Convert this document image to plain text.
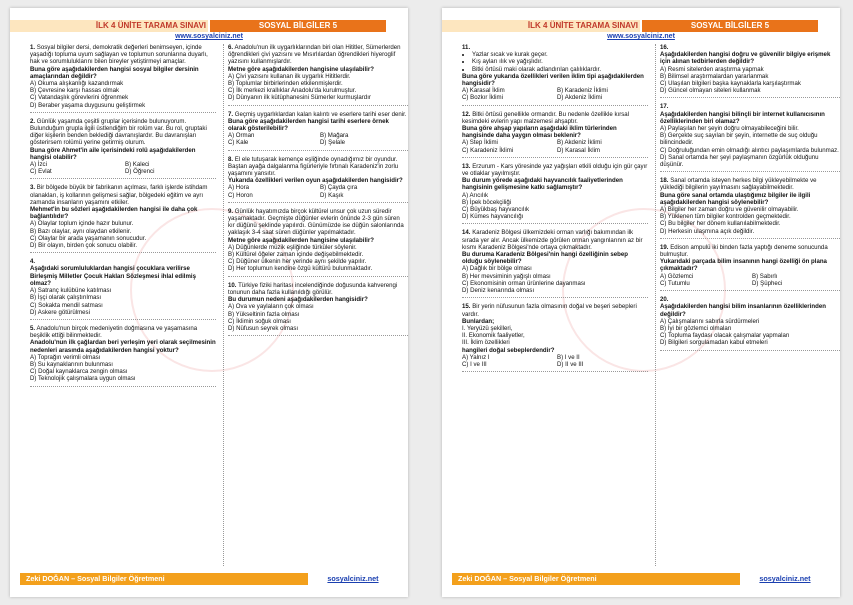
İLK 4 ÜNİTE TARAMA SINAVI	SOSYAL BİLGİLER 5
www.sosyalciniz.net

1. Sosyal bilgiler dersi, demokratik değerleri benimseyen, içinde yaşadığı topluma uyum sağlayan ve toplumun sorunlarına duyarlı, hak ve sorumluluklarını bilen bireyler yetiştirmeyi amaçlar.

Buna göre aşağıdakilerden hangisi sosyal bilgiler dersinin amaçlarından değildir?

A) Okuma alışkanlığı kazandırmak

B) Çevresine karşı hassas olmak

C) Vatandaşlık görevlerini öğrenmek

D) Beraber yaşama duygusunu geliştirmek

2. Günlük yaşamda çeşitli gruplar içerisinde bulunuyorum. Bulunduğum grupla ilgili üstlendiğim bir rolüm var. Bu rol, gruptaki diğer kişilerin benden beklediği davranışlardır. Bu davranışları gösterirsem rolümü yerine getirmiş olurum.

Buna göre Ahmet'in aile içerisindeki rolü aşağıdakilerden hangisi olabilir?

A) İzci	B) Kaleci
C) Evlat	D) Öğrenci

3. Bir bölgede büyük bir fabrikanın açılması, farklı işlerde istihdam olanakları, iş kollarının gelişmesi sağlar, bölgedeki eğitim ve ayrı zamanda insanların yaşamını etkiler.

Mehmet'in bu sözleri aşağıdakilerden hangisi ile daha çok bağlantılıdır?

A) Olaylar toplum içinde hazır bulunur.

B) Bazı olaylar, aynı olaydan etkilenir.

C) Olaylar bir arada yaşamanın sonucudur.

D) Bir olayın, birden çok sonucu olabilir.

4.

Aşağıdaki sorumluluklardan hangisi çocuklara verilirse Birleşmiş Milletler Çocuk Hakları Sözleşmesi ihlal edilmiş olmaz?

A) Satranç kulübüne katılması

B) İşçi olarak çalıştırılması

C) Sokakta mendil satması

D) Askere götürülmesi

5. Anadolu'nun birçok medeniyetin doğmasına ve yaşamasına beşiklik ettiği bilinmektedir.

Anadolu'nun ilk çağlardan beri yerleşim yeri olarak seçilmesinin nedenleri arasında aşağıdakilerden hangisi yoktur?

A) Toprağın verimli olması

B) Su kaynaklarının bulunması

C) Doğal kaynaklarca zengin olması

D) Teknolojik çalışmalara uygun olması

6. Anadolu'nun ilk uygarlıklarından biri olan Hititler, Sümerlerden öğrendikleri çivi yazısını ve Mısırlılardan öğrendikleri hiyeroglif yazısını kullanmışlardır.

Metne göre aşağıdakilerden hangisine ulaşılabilir?

A) Çivi yazısını kullanan ilk uygarlık Hititlerdir.

B) Toplumlar birbirlerinden etkilenmişlerdir.

C) İlk merkezi krallıklar Anadolu'da kurulmuştur.

D) Dünyanın ilk kütüphanesini Sümerler kurmuşlardır

7. Geçmiş uygarlıklardan kalan kalıntı ve eserlere tarihi eser denir.

Buna göre aşağıdakilerden hangisi tarihi eserlere örnek olarak gösterilebilir?

A) Orman	B) Mağara
C) Kale	D) Şelale

8. El ele tutuşarak kemençe eşliğinde oynadığımız bir oyundur. Baştan ayağa dalgalanma figürleriyle fırtınalı Karadeniz'in zorlu yaşamını yansıtır.

Yukarıda özellikleri verilen oyun aşağıdakilerden hangisidir?

A) Hora	B) Çayda çıra
C) Horon	D) Kaşık

9. Günlük hayatımızda birçok kültürel unsur çok uzun süredir yaşamaktadır. Geçmişte düğünler evlerin önünde 2-3 gün süren kır düğünü şeklinde yapılırdı. Günümüzde ise düğün salonlarında yaklaşık 3-4 saat süren düğünler yapılmaktadır.

Metne göre aşağıdakilerden hangisine ulaşılabilir?

A) Düğünlerde müzik eşliğinde türküler söylenir.

B) Kültürel öğeler zaman içinde değişebilmektedir.

C) Düğüner ülkenin her yerinde aynı şekilde yapılır.

D) Her toplumun kendine özgü kültürü bulunmaktadır.

10. Türkiye fiziki haritası incelendiğinde doğusunda kahverengi tonunun daha fazla kullanıldığı görülür.

Bu durumun nedeni aşağıdakilerden hangisidir?

A) Ova ve yaylaların çok olması

B) Yükseltinin fazla olması

C) İklimin soğuk olması

D) Nüfusun seyrek olması

Zeki DOĞAN – Sosyal Bilgiler Öğretmeni	sosyalciniz.net
İLK 4 ÜNİTE TARAMA SINAVI	SOSYAL BİLGİLER 5
www.sosyalciniz.net

11.

• Yazlar sıcak ve kurak geçer.
• Kış ayları ılık ve yağışlıdır.
• Bitki örtüsü maki olarak adlandırılan çalılıklardır.

Buna göre yukarıda özellikleri verilen iklim tipi aşağıdakilerden hangisidir?

A) Karasal İklim	B) Karadeniz İklimi
C) Bozkır İklimi	D) Akdeniz İklimi

12. Bitki örtüsü genellikle ormandır. Bu nedenle özellikle kırsal kesimdeki evlerin yapı malzemesi ahşaptır.

Buna göre ahşap yapıların aşağıdaki iklim türlerinden hangisinde daha yaygın olması beklenir?

A) Step İklimi	B) Akdeniz İklimi
C) Karadeniz İklimi	D) Karasal İklim

13. Erzurum - Kars yöresinde yaz yağışları etkili olduğu için gür çayır ve otlaklar yayılmıştır.

Bu durum yörede aşağıdaki hayvancılık faaliyetlerinden hangisinin gelişmesine katkı sağlamıştır?

A) Arıcılık

B) İpek böcekçiliği

C) Büyükbaş hayvancılık

D) Kümes hayvancılığı

14. Karadeniz Bölgesi ülkemizdeki orman varlığı bakımından ilk sırada yer alır. Ancak ülkemizde görülen orman yangınlarının az bir kısmı Karadeniz Bölgesi'nde ortaya çıkmaktadır.

Bu duruma Karadeniz Bölgesi'nin hangi özelliğinin sebep olduğu söylenebilir?

A) Dağlık bir bölge olması

B) Her mevsiminin yağışlı olması

C) Ekonomisinin orman ürünlerine dayanması

D) Deniz kenarında olması

15. Bir yerin nüfusunun fazla olmasının doğal ve beşeri sebepleri vardır.

Bunlardan;

I. Yeryüzü şekilleri,

II. Ekonomik faaliyetler,

III. İklim özellikleri

hangileri doğal sebeplerdendir?

A) Yalnız I	B) I ve II
C) I ve III	D) II ve III

16.

Aşağıdakilerden hangisi doğru ve güvenilir bilgiye erişmek için alınan tedbirlerden değildir?

A) Resmi sitelerden araştırma yapmak

B) Bilimsel araştırmalardan yararlanmak

C) Ulaşılan bilgileri başka kaynaklarla karşılaştırmak

D) Güncel olmayan siteleri kullanmak

17.

Aşağıdakilerden hangisi bilinçli bir internet kullanıcısının özelliklerinden biri olamaz?

A) Paylaşılan her şeyin doğru olmayabileceğini bilir.

B) Gerçekte suç sayılan bir şeyin, internette de suç olduğu bilincindedir.

C) Doğruluğundan emin olmadığı alıntıcı paylaşımlarda bulunmaz.

D) Sanal ortamda her şeyi paylaşmanın özgürlük olduğunu düşünür.

18. Sanal ortamda isteyen herkes bilgi yükleyebilmekte ve yüklediği bilgilerin yayılmasını sağlayabilmektedir.

Buna göre sanal ortamda ulaştığımız bilgiler ile ilgili aşağıdakilerden hangisi söylenebilir?

A) Bilgiler her zaman doğru ve güvenilir olmayabilir.

B) Yüklenen tüm bilgiler kontrolden geçmektedir.

C) Bu bilgiler her dönem kullanılabilmektedir.

D) Herkesin ulaşmına açık değildir.

19. Edison ampulü iki binden fazla yaptığı deneme sonucunda bulmuştur.

Yukarıdaki parçada bilim insanının hangi özelliği ön plana çıkmaktadır?

A) Gözlemci	B) Sabırlı
C) Tutumlu	D) Şüpheci

20.

Aşağıdakilerden hangisi bilim insanlarının özelliklerinden değildir?

A) Çalışmalarını sabırla sürdürmeleri

B) İyi bir gözlemci olmaları

C) Topluma faydası olacak çalışmalar yapmaları

D) Bilgileri sorgulamadan kabul etmeleri

Zeki DOĞAN – Sosyal Bilgiler Öğretmeni	sosyalciniz.net
